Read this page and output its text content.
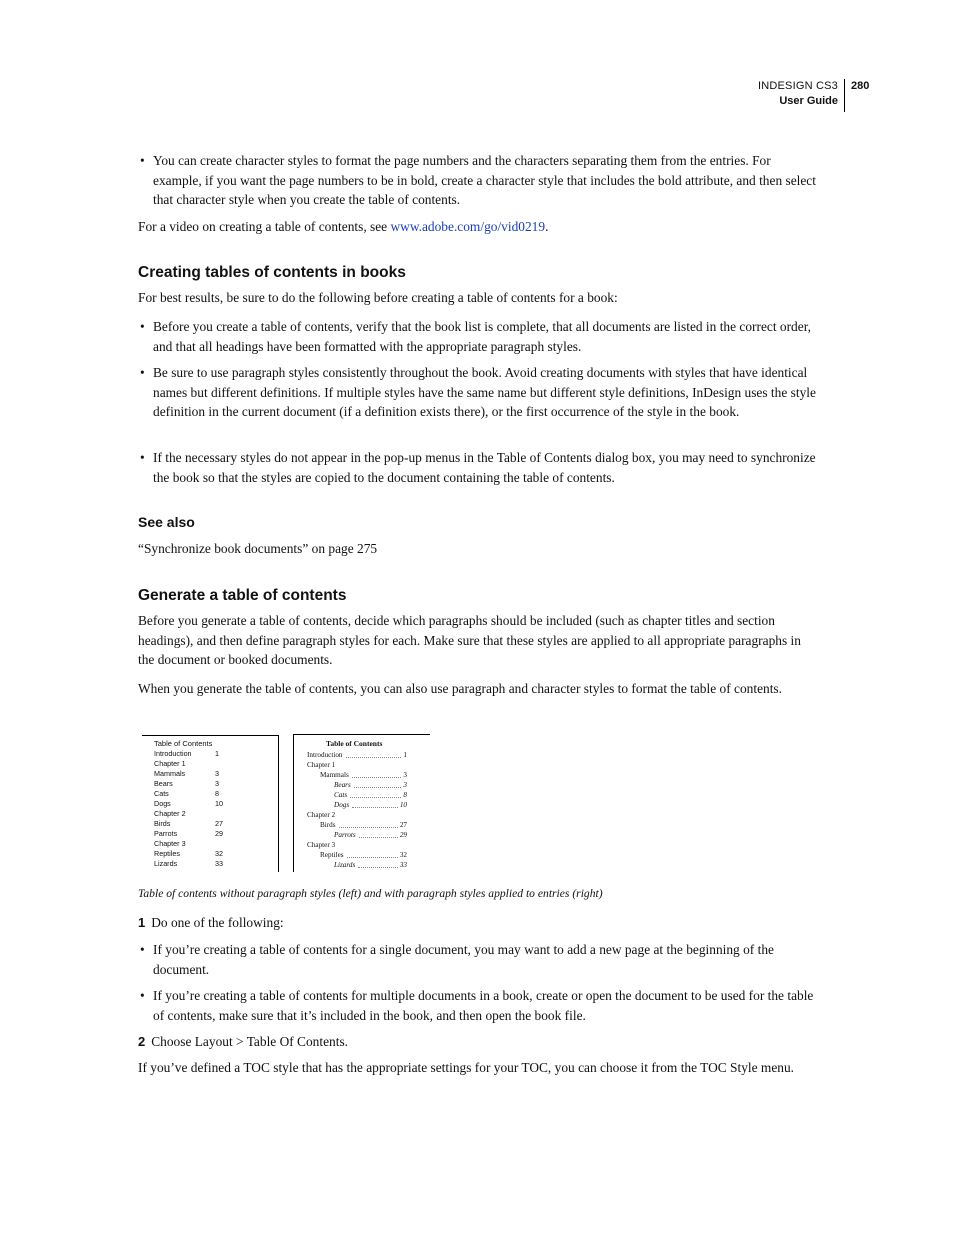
INDESIGN CS3
User Guide
280
• You can create character styles to format the page numbers and the characters separating them from the entries. For example, if you want the page numbers to be in bold, create a character style that includes the bold attribute, and then select that character style when you create the table of contents.

For a video on creating a table of contents, see www.adobe.com/go/vid0219.

Creating tables of contents in books

For best results, be sure to do the following before creating a table of contents for a book:

• Before you create a table of contents, verify that the book list is complete, that all documents are listed in the correct order, and that all headings have been formatted with the appropriate paragraph styles.
• Be sure to use paragraph styles consistently throughout the book. Avoid creating documents with styles that have identical names but different definitions. If multiple styles have the same name but different style definitions, InDesign uses the style definition in the current document (if a definition exists there), or the first occurrence of the style in the book.
• If the necessary styles do not appear in the pop-up menus in the Table of Contents dialog box, you may need to synchronize the book so that the styles are copied to the document containing the table of contents.
See also

“Synchronize book documents” on page 275

Generate a table of contents

Before you generate a table of contents, decide which paragraphs should be included (such as chapter titles and section headings), and then define paragraph styles for each. Make sure that these styles are applied to all appropriate paragraphs in the document or booked documents.

When you generate the table of contents, you can also use paragraph and character styles to format the table of contents.

Table of contents without paragraph styles (left) and with paragraph styles applied to entries (right)

1 Do one of the following:

• If you’re creating a table of contents for a single document, you may want to add a new page at the beginning of the document.
• If you’re creating a table of contents for multiple documents in a book, create or open the document to be used for the table of contents, make sure that it’s included in the book, and then open the book file.

2 Choose Layout > Table Of Contents.

If you’ve defined a TOC style that has the appropriate settings for your TOC, you can choose it from the TOC Style menu.

Table of Contents
Introduction	1
Chapter 1
Mammals	3
Bears	3
Cats	8
Dogs	10
Chapter 2
Birds	27
Parrots	29
Chapter 3
Reptiles	32
Lizards	33
Table of Contents
Introduction	1
Chapter 1
Mammals	3
Bears	3
Cats	8
Dogs	10
Chapter 2
Birds	27
Parrots	29
Chapter 3
Reptiles	32
Lizards	33
